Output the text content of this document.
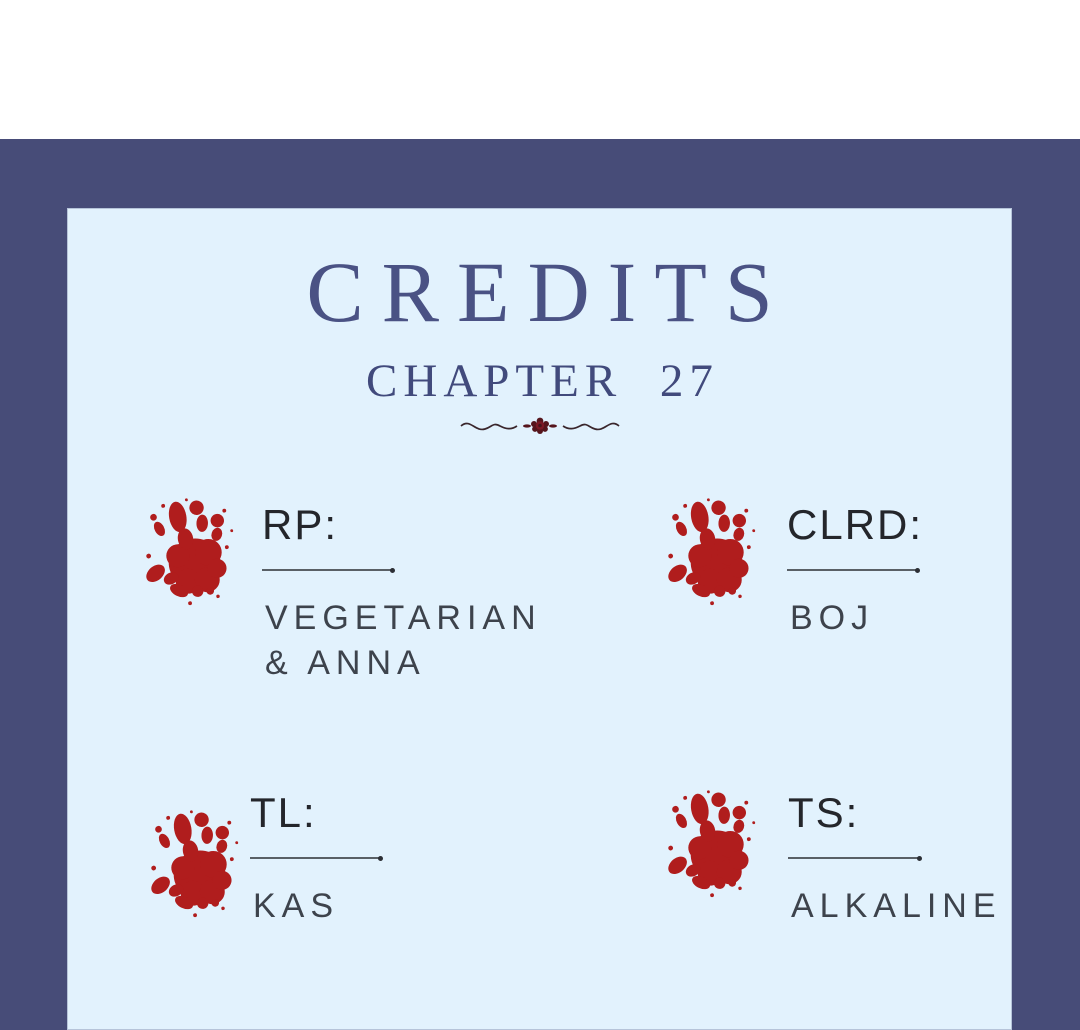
CREDITS
CHAPTER 27
RP:
VEGETARIAN
& ANNA
CLRD:
BOJ
TL:
KAS
TS:
ALKALINE
